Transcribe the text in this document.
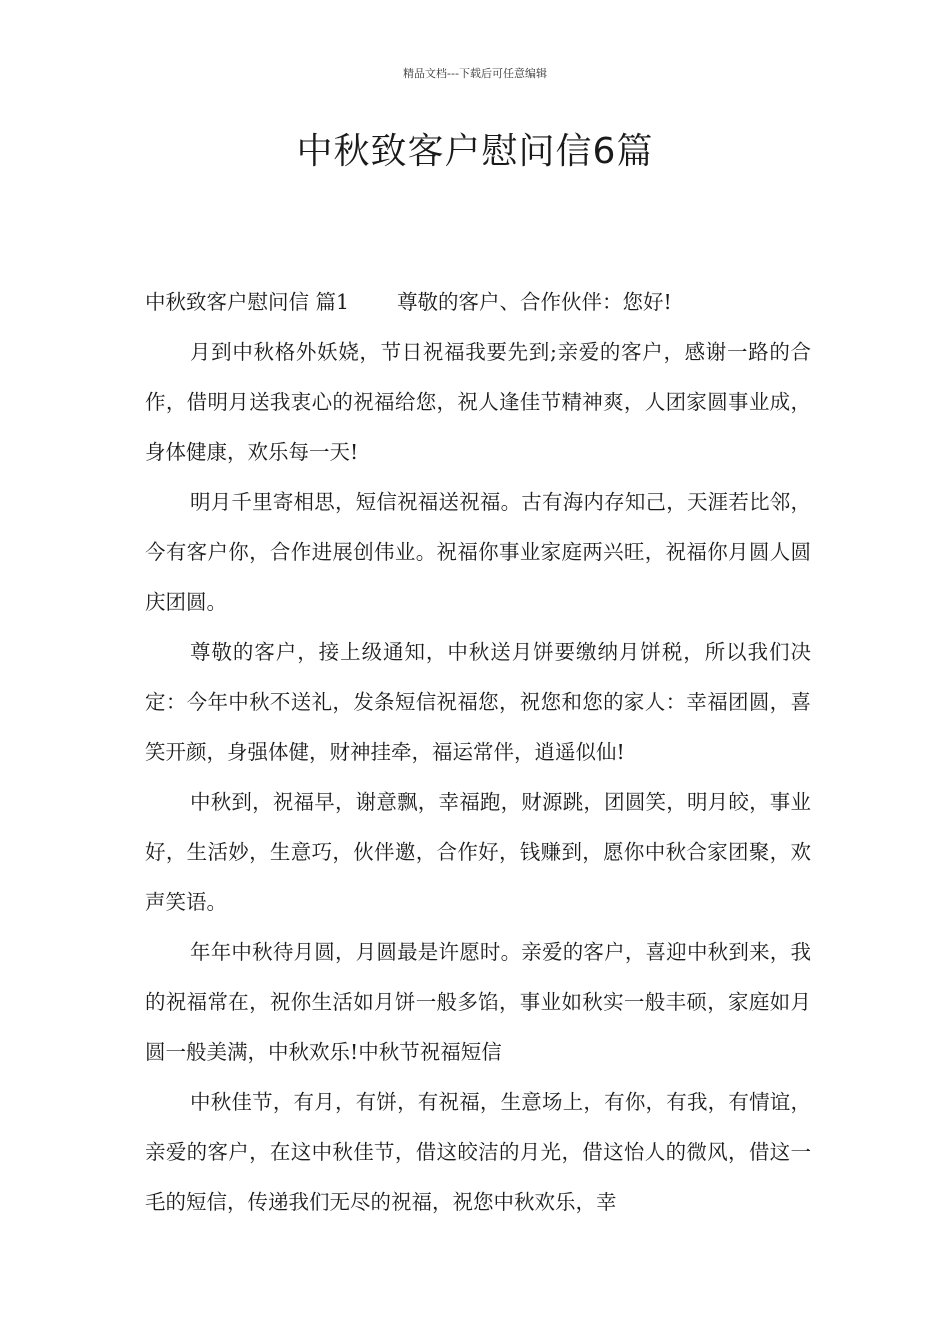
精品文档---下载后可任意编辑
中秋致客户慰问信6篇

中秋致客户慰问信 篇1 尊敬的客户、合作伙伴：您好!

月到中秋格外妖娆，节日祝福我要先到;亲爱的客户，感谢一路的合作，借明月送我衷心的祝福给您，祝人逢佳节精神爽，人团家圆事业成，身体健康，欢乐每一天!

明月千里寄相思，短信祝福送祝福。古有海内存知己，天涯若比邻，今有客户你，合作进展创伟业。祝福你事业家庭两兴旺，祝福你月圆人圆庆团圆。

尊敬的客户，接上级通知，中秋送月饼要缴纳月饼税，所以我们决定：今年中秋不送礼，发条短信祝福您，祝您和您的家人：幸福团圆，喜笑开颜，身强体健，财神挂牵，福运常伴，逍遥似仙!

中秋到，祝福早，谢意飘，幸福跑，财源跳，团圆笑，明月皎，事业好，生活妙，生意巧，伙伴邀，合作好，钱赚到，愿你中秋合家团聚，欢声笑语。

年年中秋待月圆，月圆最是许愿时。亲爱的客户，喜迎中秋到来，我的祝福常在，祝你生活如月饼一般多馅，事业如秋实一般丰硕，家庭如月圆一般美满，中秋欢乐!中秋节祝福短信

中秋佳节，有月，有饼，有祝福，生意场上，有你，有我，有情谊，亲爱的客户，在这中秋佳节，借这皎洁的月光，借这怡人的微风，借这一毛的短信，传递我们无尽的祝福，祝您中秋欢乐，幸
